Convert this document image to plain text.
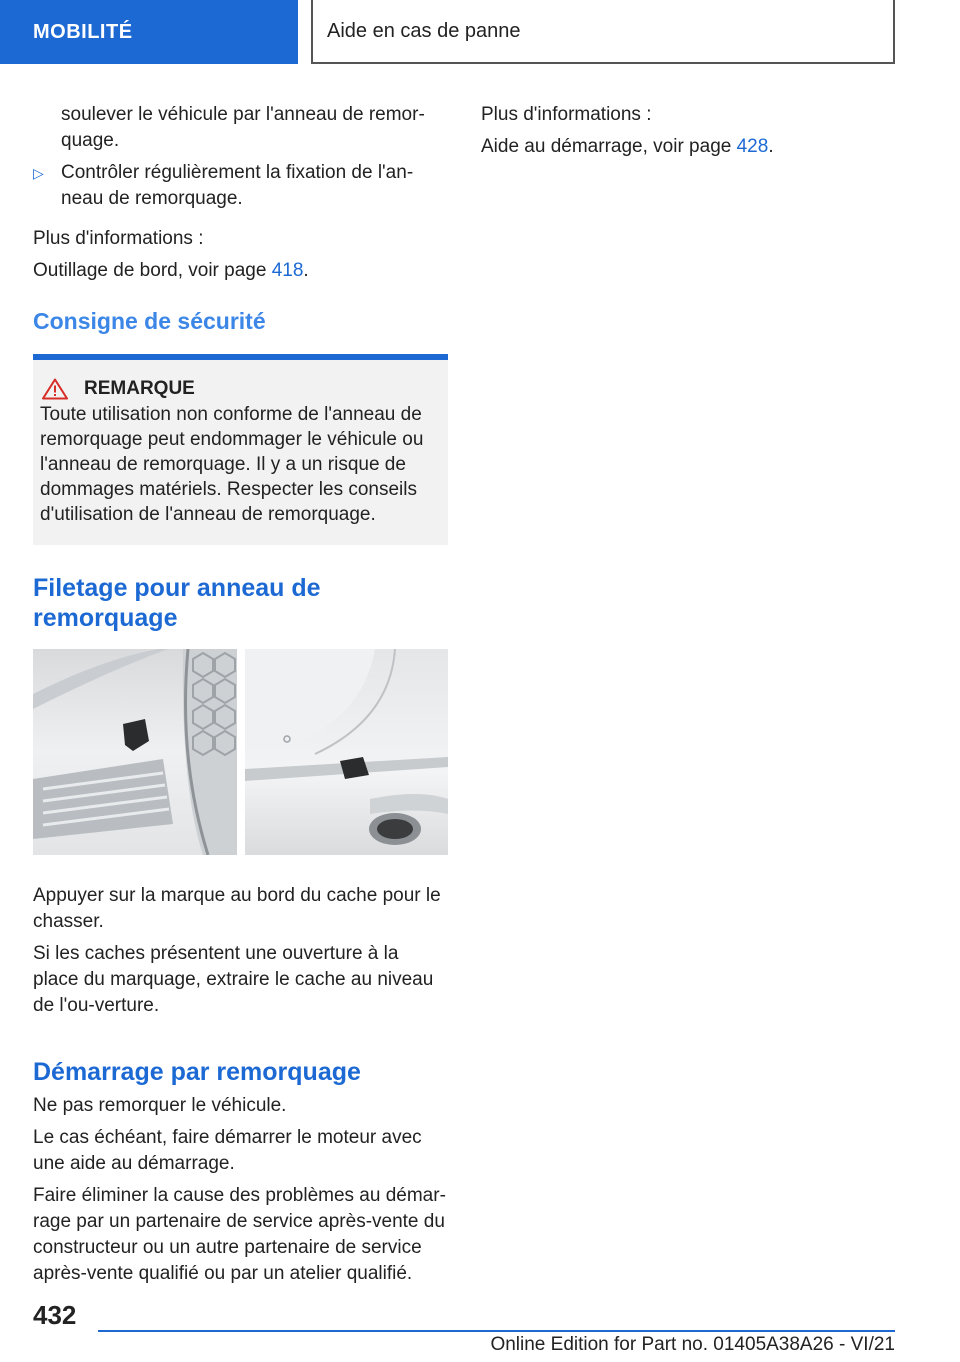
MOBILITÉ	Aide en cas de panne

soulever le véhicule par l'anneau de remor-quage.

▷ Contrôler régulièrement la fixation de l'an-neau de remorquage.

Plus d'informations :

Outillage de bord, voir page 418.

Consigne de sécurité
REMARQUE

Toute utilisation non conforme de l'anneau de remorquage peut endommager le véhicule ou l'anneau de remorquage. Il y a un risque de dommages matériels. Respecter les conseils d'utilisation de l'anneau de remorquage.

Filetage pour anneau de remorquage

Appuyer sur la marque au bord du cache pour le chasser.

Si les caches présentent une ouverture à la place du marquage, extraire le cache au niveau de l'ou-verture.

Démarrage par remorquage

Ne pas remorquer le véhicule.

Le cas échéant, faire démarrer le moteur avec une aide au démarrage.

Faire éliminer la cause des problèmes au démar-rage par un partenaire de service après-vente du constructeur ou un autre partenaire de service après-vente qualifié ou par un atelier qualifié.

Plus d'informations :

Aide au démarrage, voir page 428.

432
Online Edition for Part no. 01405A38A26 - VI/21
